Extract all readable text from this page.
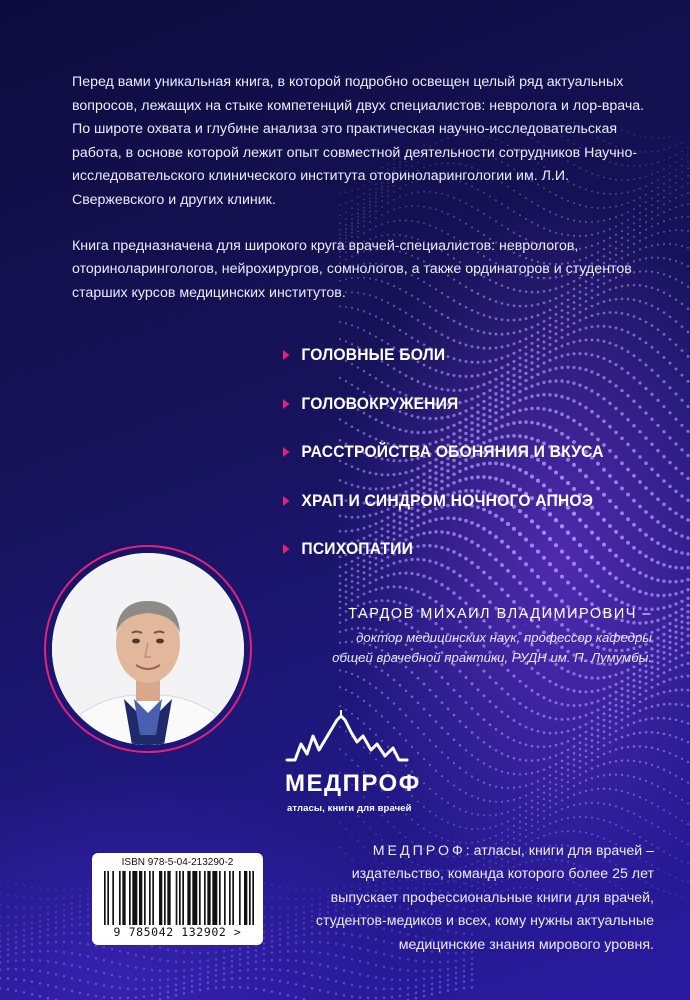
Перед вами уникальная книга, в которой подробно освещен целый ряд актуальных вопросов, лежащих на стыке компетенций двух специалистов: невролога и лор-врача. По широте охвата и глубине анализа это практическая научно-исследовательская работа, в основе которой лежит опыт совместной деятельности сотрудников Научно-исследовательского клинического института оториноларингологии им. Л.И. Свержевского и других клиник.

Книга предназначена для широкого круга врачей-специалистов: неврологов, оториноларингологов, нейрохирургов, сомнологов, а также ординаторов и студентов старших курсов медицинских институтов.

ГОЛОВНЫЕ БОЛИ
ГОЛОВОКРУЖЕНИЯ
РАССТРОЙСТВА ОБОНЯНИЯ И ВКУСА
ХРАП И СИНДРОМ НОЧНОГО АПНОЭ
ПСИХОПАТИИ
ТАРДОВ МИХАИЛ ВЛАДИМИРОВИЧ –
доктор медицинских наук, профессор кафедры
общей врачебной практики, РУДН им. П. Лумумбы.
МЕДПРОФ
атласы, книги для врачей
ISBN 978-5-04-213290-2
9 785042 132902 >
МЕДПРОФ: атласы, книги для врачей –
издательство, команда которого более 25 лет
выпускает профессиональные книги для врачей,
студентов-медиков и всех, кому нужны актуальные
медицинские знания мирового уровня.
